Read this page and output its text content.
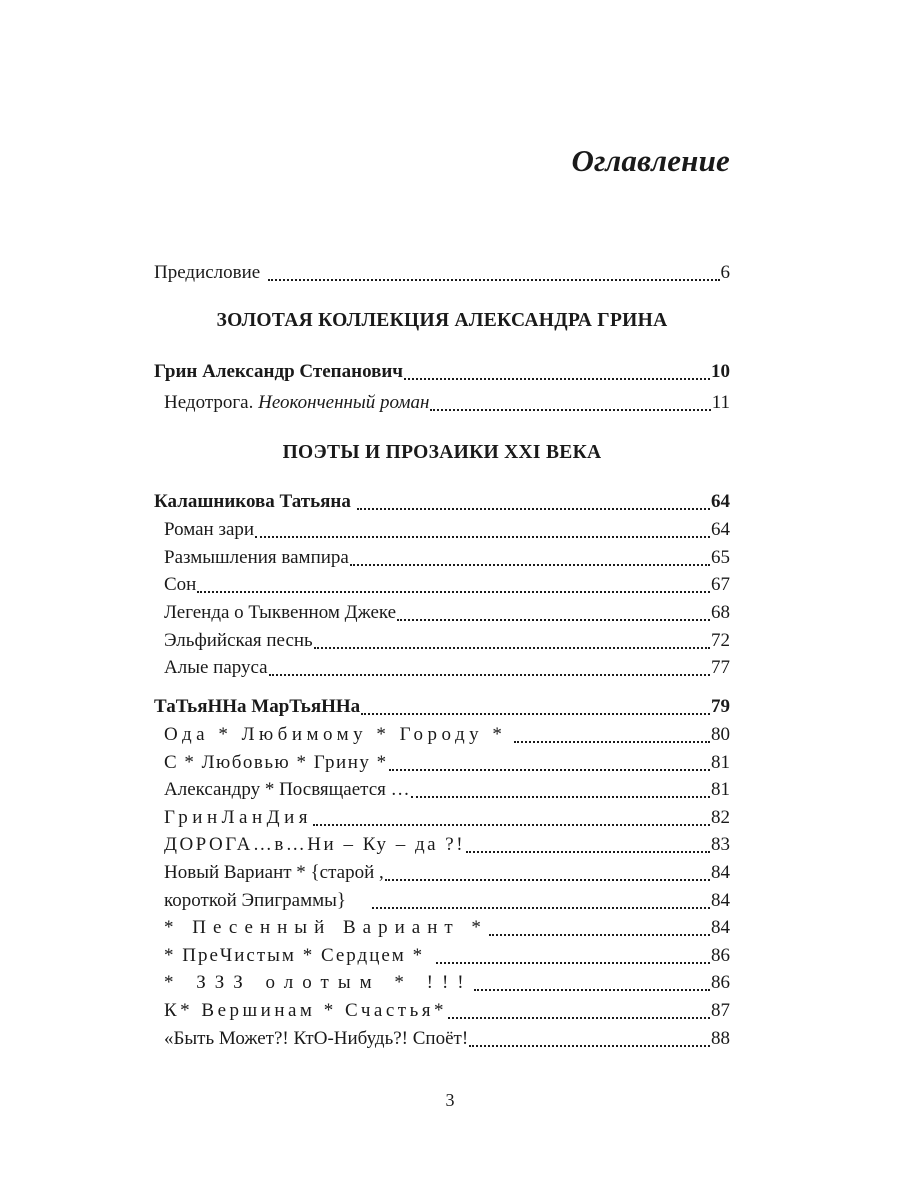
Оглавление
Предисловие	6
ЗОЛОТАЯ КОЛЛЕКЦИЯ АЛЕКСАНДРА ГРИНА
Грин Александр Степанович	10
Недотрога. Неоконченный роман	11
ПОЭТЫ И ПРОЗАИКИ XXI ВЕКА
Калашникова Татьяна	64
Роман зари	64
Размышления вампира	65
Сон	67
Легенда о Тыквенном Джеке	68
Эльфийская песнь	72
Алые паруса	77
ТаТьяННа МарТьяННа	79
Ода * Любимому * Городу *	80
С * Любовью * Грину *	81
Александру * Посвящается …	81
ГринЛанДия	82
ДОРОГА…в…Ни – Ку – да ?!	83
Новый Вариант * {старой ,	84
короткой Эпиграммы}	84
* Песенный Вариант *	84
* ПреЧистым * Сердцем *	86
* ЗЗЗ олотым * !!!	86
К* Вершинам * Счастья*	87
«Быть Может?! КтО-Нибудь?! Споёт!	88
3
